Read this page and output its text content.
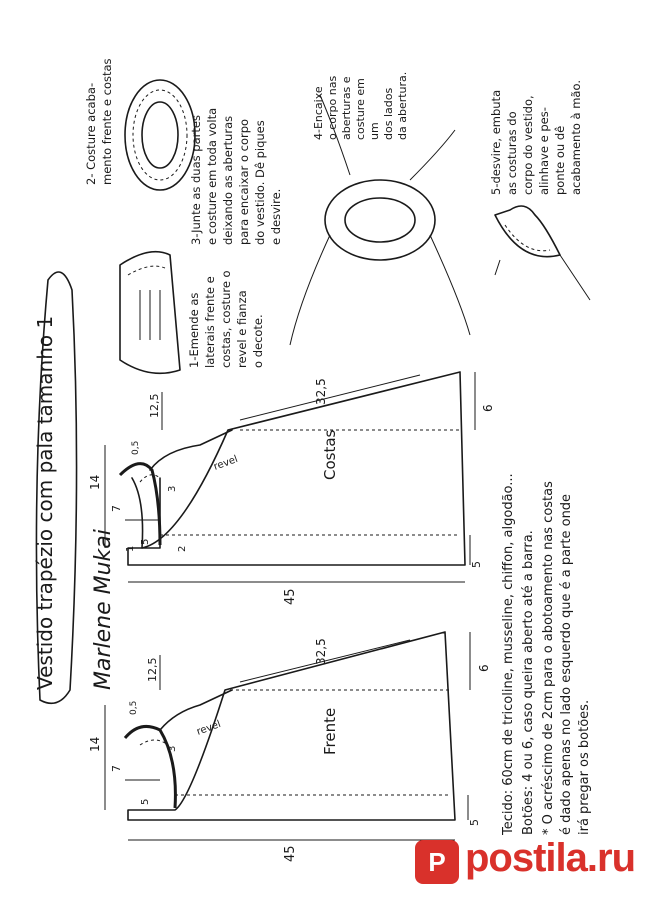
Vestido trapézio com pala tamanho 1 Marlene Mukai
Costas
revel
14
7
0,5
12,5
32,5
6
45
5
3
2
1
5
Frente
revel
14
7
0,5
12,5
32,5
6
45
5
3
5
1-Emende as laterais frente e costas, costure o revel e fianza o decote.
2- Costure acaba- mento frente e costas	3-Junte as duas partes e costure em toda volta deixando as aberturas para encaixar o corpo do vestido. Dê piques e desvire.
4-Encaixeo corpo nasaberturas ecosture emumdos ladosda abertura.	5-desvire, embuta as costuras do corpo do vestido, alinhave e pes- ponte ou dê acabamento à mão.
Tecido: 60cm de tricoline, musseline, chiffon, algodão... Botões: 4 ou 6, caso queira aberto até a barra. * O acréscimo de 2cm para o abotoamento nas costas é dado apenas no lado esquerdo que é a parte onde irá pregar os botões.
P postila.ru
